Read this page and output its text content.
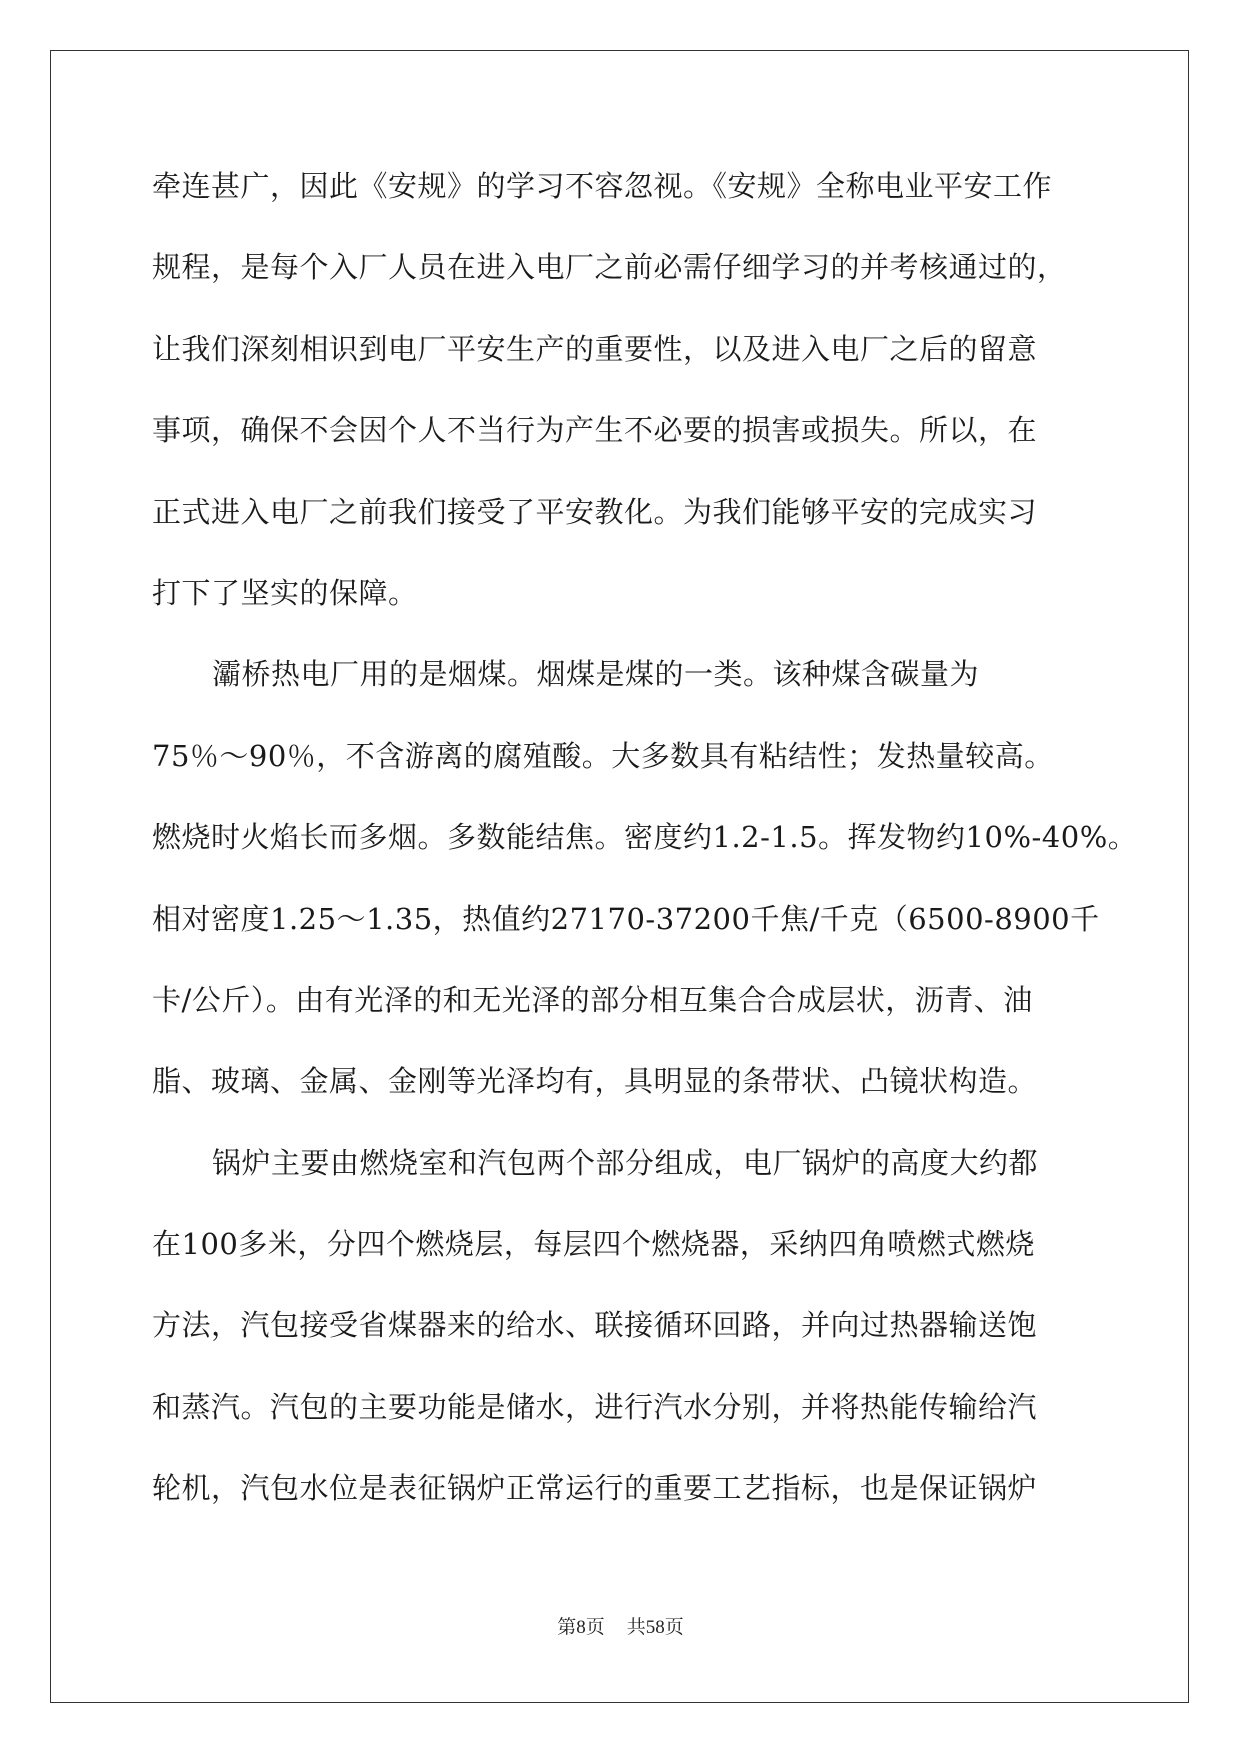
牵连甚广，因此《安规》的学习不容忽视。《安规》全称电业平安工作
规程，是每个入厂人员在进入电厂之前必需仔细学习的并考核通过的，
让我们深刻相识到电厂平安生产的重要性，以及进入电厂之后的留意
事项，确保不会因个人不当行为产生不必要的损害或损失。所以，在
正式进入电厂之前我们接受了平安教化。为我们能够平安的完成实习
打下了坚实的保障。
灞桥热电厂用的是烟煤。烟煤是煤的一类。该种煤含碳量为
75％～90％，不含游离的腐殖酸。大多数具有粘结性；发热量较高。
燃烧时火焰长而多烟。多数能结焦。密度约1.2-1.5。挥发物约10%-40%。
相对密度1.25～1.35，热值约27170-37200千焦/千克（6500-8900千
卡/公斤）。由有光泽的和无光泽的部分相互集合合成层状，沥青、油
脂、玻璃、金属、金刚等光泽均有，具明显的条带状、凸镜状构造。
锅炉主要由燃烧室和汽包两个部分组成，电厂锅炉的高度大约都
在100多米，分四个燃烧层，每层四个燃烧器，采纳四角喷燃式燃烧
方法，汽包接受省煤器来的给水、联接循环回路，并向过热器输送饱
和蒸汽。汽包的主要功能是储水，进行汽水分别，并将热能传输给汽
轮机，汽包水位是表征锅炉正常运行的重要工艺指标，也是保证锅炉
第8页 共58页
